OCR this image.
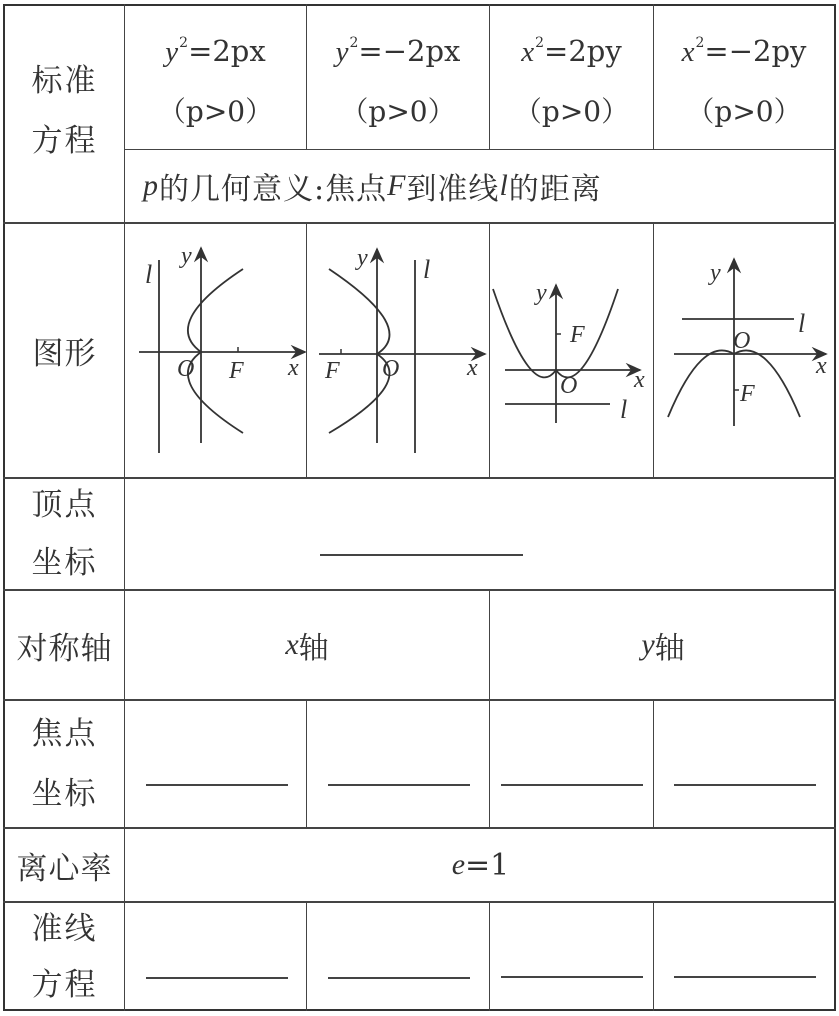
标准
方程
图形
顶点
坐标
对称轴
焦点
坐标
离心率
准线
方程
$y^2=2px$
（p>0）
$y^2=-2px$
（p>0）
$x^2=2py$
（p>0）
$x^2=-2py$
（p>0）
p 的几何意义:焦点 F 到准线 l 的距离
l
y
O F x
l
y
O
F	x
y
F
O x
l
y
l
O
x
F
x 轴	y 轴
e =1
